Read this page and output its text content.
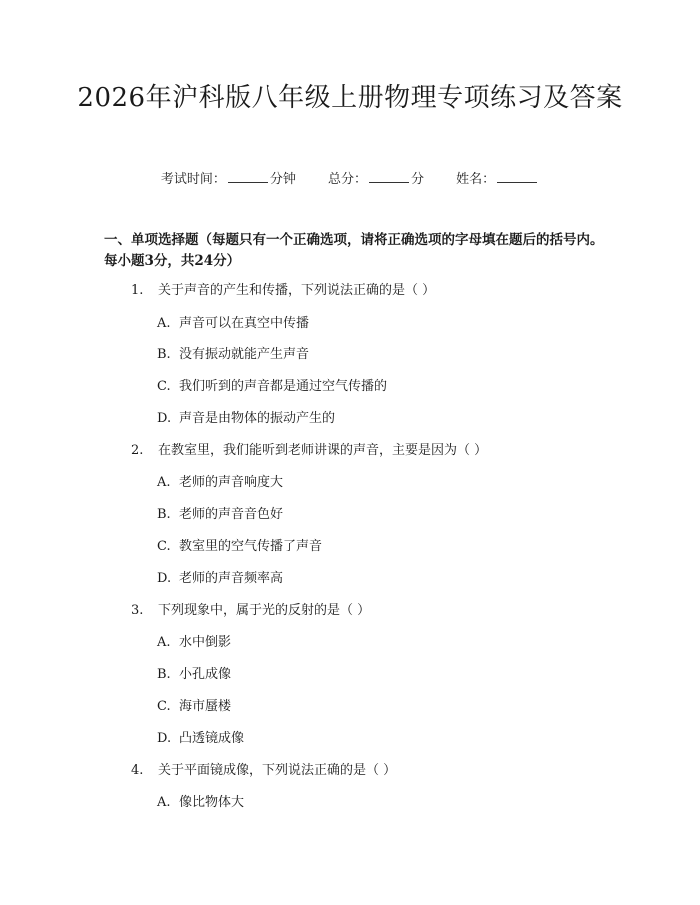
2026年沪科版八年级上册物理专项练习及答案
考试时间：	分钟 总分：	分 姓名：
一、单项选择题（每题只有一个正确选项，请将正确选项的字母填在题后的括号内。每小题3分，共24分）
1. 关于声音的产生和传播，下列说法正确的是（ ）
A. 声音可以在真空中传播
B. 没有振动就能产生声音
C. 我们听到的声音都是通过空气传播的
D. 声音是由物体的振动产生的
2. 在教室里，我们能听到老师讲课的声音，主要是因为（ ）
A. 老师的声音响度大
B. 老师的声音音色好
C. 教室里的空气传播了声音
D. 老师的声音频率高
3. 下列现象中，属于光的反射的是（ ）
A. 水中倒影
B. 小孔成像
C. 海市蜃楼
D. 凸透镜成像
4. 关于平面镜成像，下列说法正确的是（ ）
A. 像比物体大
